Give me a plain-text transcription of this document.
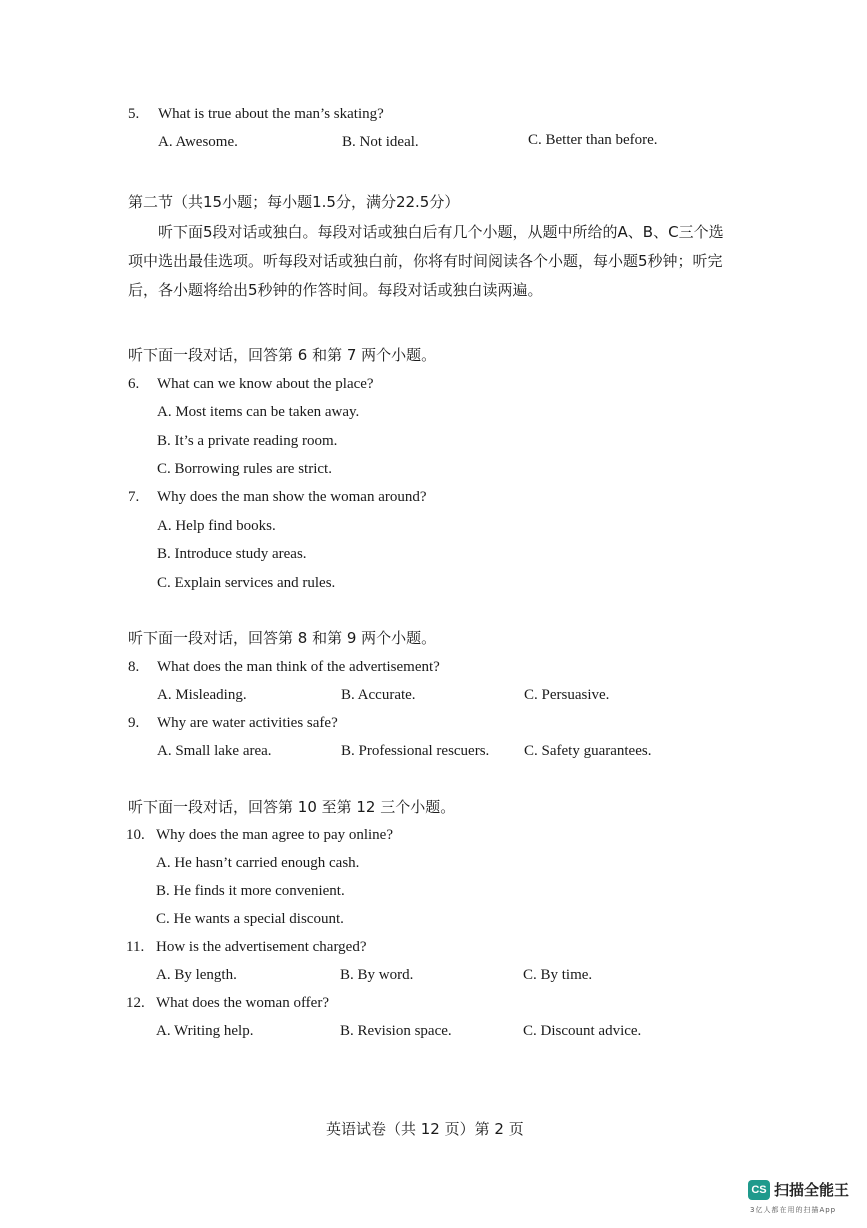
5. What is true about the man’s skating?
A. Awesome.	B. Not ideal.	C. Better than before.
第二节（共15小题；每小题1.5分，满分22.5分）
听下面5段对话或独白。每段对话或独白后有几个小题，从题中所给的A、B、C三个选项中选出最佳选项。听每段对话或独白前，你将有时间阅读各个小题，每小题5秒钟；听完后，各小题将给出5秒钟的作答时间。每段对话或独白读两遍。
听下面一段对话，回答第 6 和第 7 两个小题。
6. What can we know about the place?
A. Most items can be taken away.
B. It’s a private reading room.
C. Borrowing rules are strict.
7. Why does the man show the woman around?
A. Help find books.
B. Introduce study areas.
C. Explain services and rules.
听下面一段对话，回答第 8 和第 9 两个小题。
8. What does the man think of the advertisement?
A. Misleading.	B. Accurate.	C. Persuasive.
9. Why are water activities safe?
A. Small lake area.	B. Professional rescuers. C. Safety guarantees.
听下面一段对话，回答第 10 至第 12 三个小题。
10. Why does the man agree to pay online?
A. He hasn’t carried enough cash.
B. He finds it more convenient.
C. He wants a special discount.
11. How is the advertisement charged?
A. By length.	B. By word.	C. By time.
12. What does the woman offer?
A. Writing help.	B. Revision space.	C. Discount advice.
英语试卷（共 12 页）第 2 页
CS 扫描全能王
3亿人都在用的扫描App
